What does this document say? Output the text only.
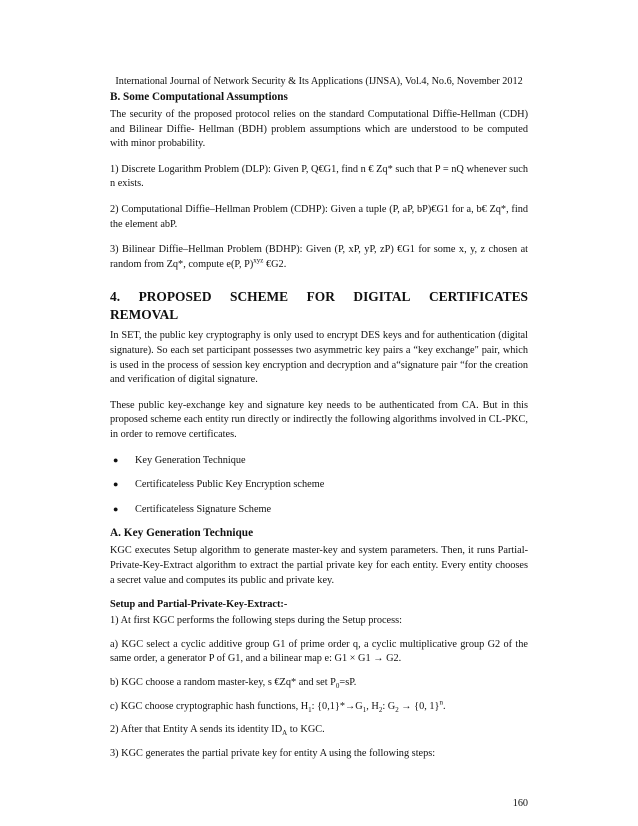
International Journal of Network Security & Its Applications (IJNSA), Vol.4, No.6, November 2012
B. Some Computational Assumptions

The security of the proposed protocol relies on the standard Computational Diffie-Hellman (CDH) and Bilinear Diffie- Hellman (BDH) problem assumptions which are understood to be computed with minor probability.

1) Discrete Logarithm Problem (DLP): Given P, Q€G1, find n € Zq* such that P = nQ whenever such n exists.

2) Computational Diffie–Hellman Problem (CDHP): Given a tuple (P, aP, bP)€G1 for a, b€ Zq*, find the element abP.

3) Bilinear Diffie–Hellman Problem (BDHP): Given (P, xP, yP, zP) €G1 for some x, y, z chosen at random from Zq*, compute e(P, P)$^{xyz}$ €G2.

4. PROPOSED SCHEME FOR DIGITAL CERTIFICATES
REMOVAL

In SET, the public key cryptography is only used to encrypt DES keys and for authentication (digital signature). So each set participant possesses two asymmetric key pairs a “key exchange" pair, which is used in the process of session key encryption and decryption and a“signature pair “for the creation and verification of digital signature.

These public key-exchange key and signature key needs to be authenticated from CA. But in this proposed scheme each entity run directly or indirectly the following algorithms involved in CL-PKC, in order to remove certificates.

●	Key Generation Technique
●	Certificateless Public Key Encryption scheme
●	Certificateless Signature Scheme
A. Key Generation Technique

KGC executes Setup algorithm to generate master-key and system parameters. Then, it runs Partial-Private-Key-Extract algorithm to extract the partial private key for each entity. Every entity chooses a secret value and computes its public and private key.

Setup and Partial-Private-Key-Extract:-

1) At first KGC performs the following steps during the Setup process:

a) KGC select a cyclic additive group G1 of prime order q, a cyclic multiplicative group G2 of the same order, a generator P of G1, and a bilinear map e: G1 × G1 → G2.

b) KGC choose a random master-key, s €Zq* and set $P_0=sP$.

c) KGC choose cryptographic hash functions, $H_1$: $\{0,1\}*\to G_1$, $H_2$: $G_2 \to \{0$, 1}$^n$.

2) After that Entity A sends its identity $ID_A$ to KGC.

3) KGC generates the partial private key for entity A using the following steps:

160
